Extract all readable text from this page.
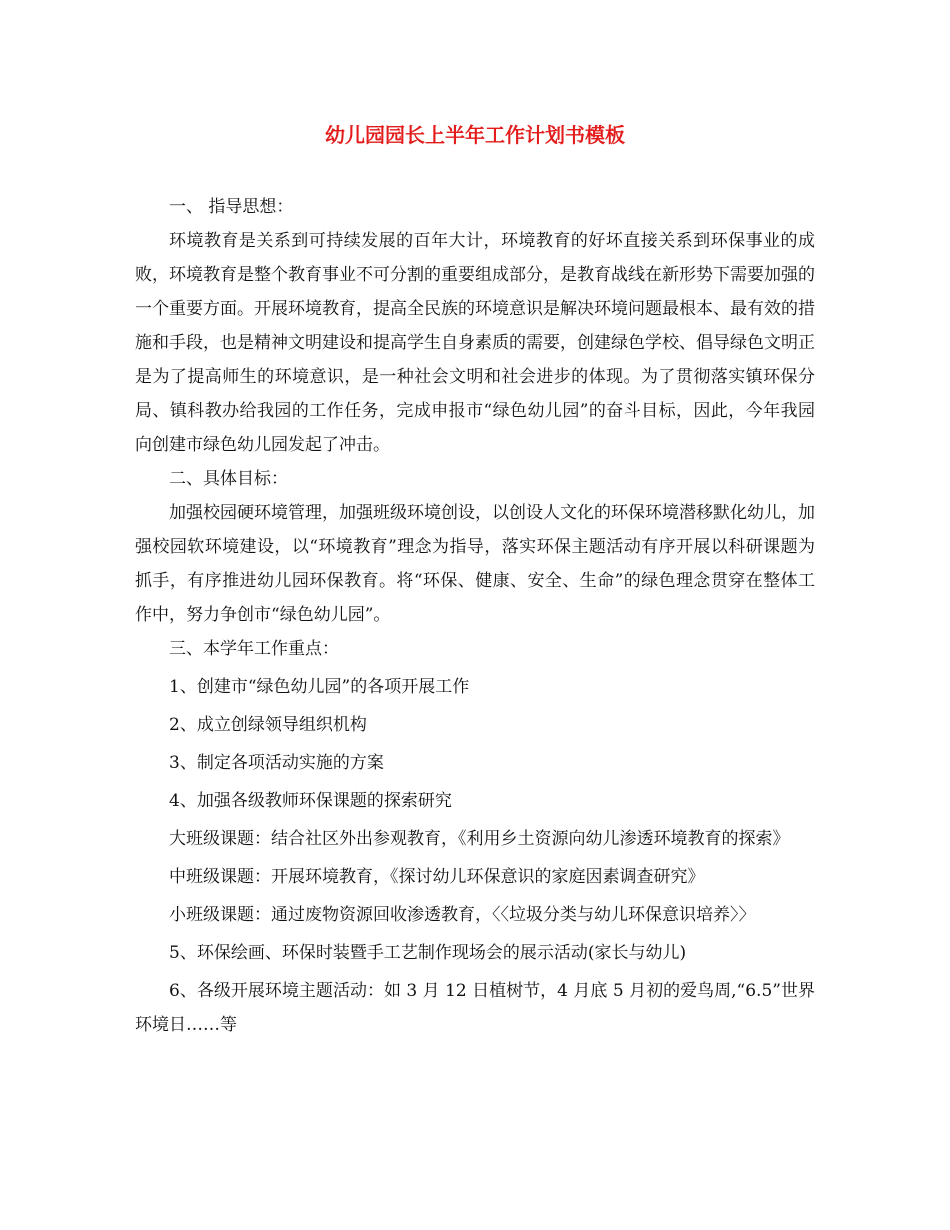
幼儿园园长上半年工作计划书模板

一、 指导思想：

环境教育是关系到可持续发展的百年大计，环境教育的好坏直接关系到环保事业的成败，环境教育是整个教育事业不可分割的重要组成部分，是教育战线在新形势下需要加强的一个重要方面。开展环境教育，提高全民族的环境意识是解决环境问题最根本、最有效的措施和手段，也是精神文明建设和提高学生自身素质的需要，创建绿色学校、倡导绿色文明正是为了提高师生的环境意识，是一种社会文明和社会进步的体现。为了贯彻落实镇环保分局、镇科教办给我园的工作任务，完成申报市“绿色幼儿园”的奋斗目标，因此，今年我园向创建市绿色幼儿园发起了冲击。

二、具体目标：

加强校园硬环境管理，加强班级环境创设，以创设人文化的环保环境潜移默化幼儿，加强校园软环境建设，以“环境教育”理念为指导，落实环保主题活动有序开展以科研课题为抓手，有序推进幼儿园环保教育。将“环保、健康、安全、生命”的绿色理念贯穿在整体工作中，努力争创市“绿色幼儿园”。

三、本学年工作重点：

1、创建市“绿色幼儿园”的各项开展工作

2、成立创绿领导组织机构

3、制定各项活动实施的方案

4、加强各级教师环保课题的探索研究

大班级课题：结合社区外出参观教育，《利用乡土资源向幼儿渗透环境教育的探索》

中班级课题：开展环境教育，《探讨幼儿环保意识的家庭因素调查研究》

小班级课题：通过废物资源回收渗透教育，〈〈垃圾分类与幼儿环保意识培养〉〉

5、环保绘画、环保时装暨手工艺制作现场会的展示活动(家长与幼儿)

6、各级开展环境主题活动：如 3 月 12 日植树节，4 月底 5 月初的爱鸟周,“6.5”世界环境日……等
